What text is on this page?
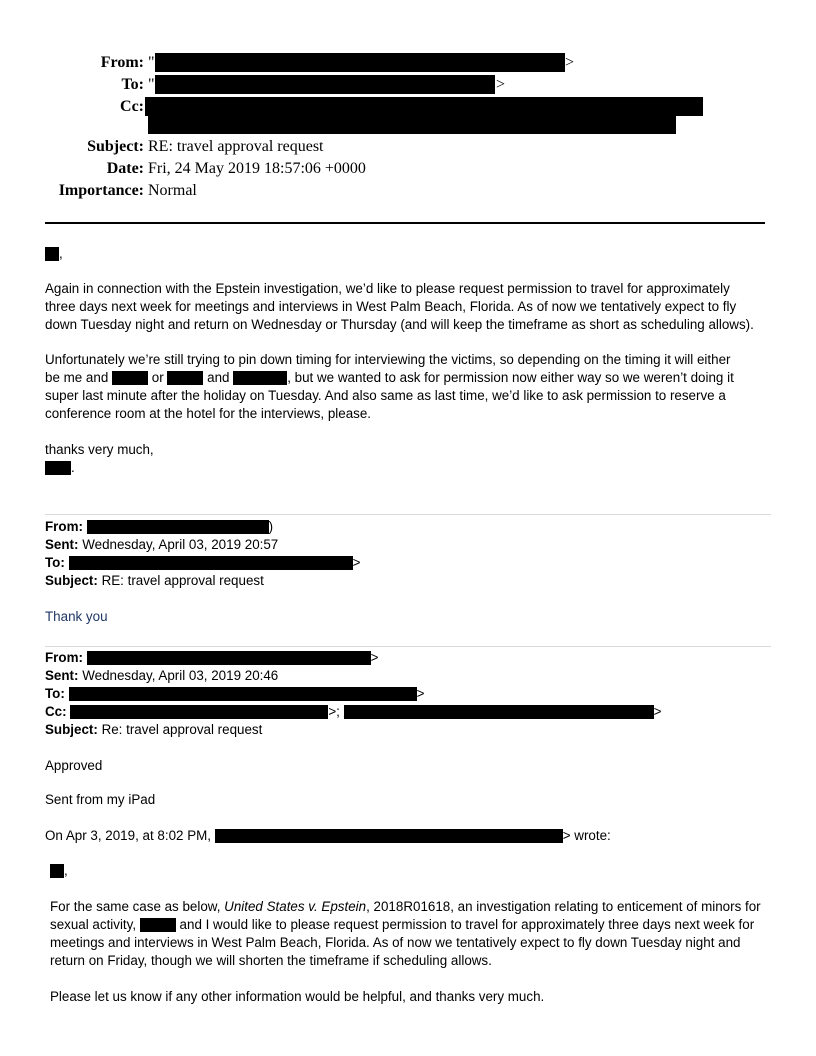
From: "	>
To: "	>
Cc:
Subject: RE: travel approval request
Date: Fri, 24 May 2019 18:57:06 +0000
Importance: Normal
,
Again in connection with the Epstein investigation, we’d like to please request permission to travel for approximately
three days next week for meetings and interviews in West Palm Beach, Florida. As of now we tentatively expect to fly
down Tuesday night and return on Wednesday or Thursday (and will keep the timeframe as short as scheduling allows).
Unfortunately we’re still trying to pin down timing for interviewing the victims, so depending on the timing it will either
be me and	or	and	, but we wanted to ask for permission now either way so we weren’t doing it
super last minute after the holiday on Tuesday. And also same as last time, we’d like to ask permission to reserve a
conference room at the hotel for the interviews, please.
thanks very much,
.
From:	)
Sent: Wednesday, April 03, 2019 20:57
To:	>
Subject: RE: travel approval request
Thank you
From:	>
Sent: Wednesday, April 03, 2019 20:46
To:	>
Cc:	>;	>
Subject: Re: travel approval request
Approved
Sent from my iPad
On Apr 3, 2019, at 8:02 PM,	> wrote:
,
For the same case as below, United States v. Epstein, 2018R01618, an investigation relating to enticement of minors for
sexual activity,	and I would like to please request permission to travel for approximately three days next week for
meetings and interviews in West Palm Beach, Florida. As of now we tentatively expect to fly down Tuesday night and
return on Friday, though we will shorten the timeframe if scheduling allows.
Please let us know if any other information would be helpful, and thanks very much.
